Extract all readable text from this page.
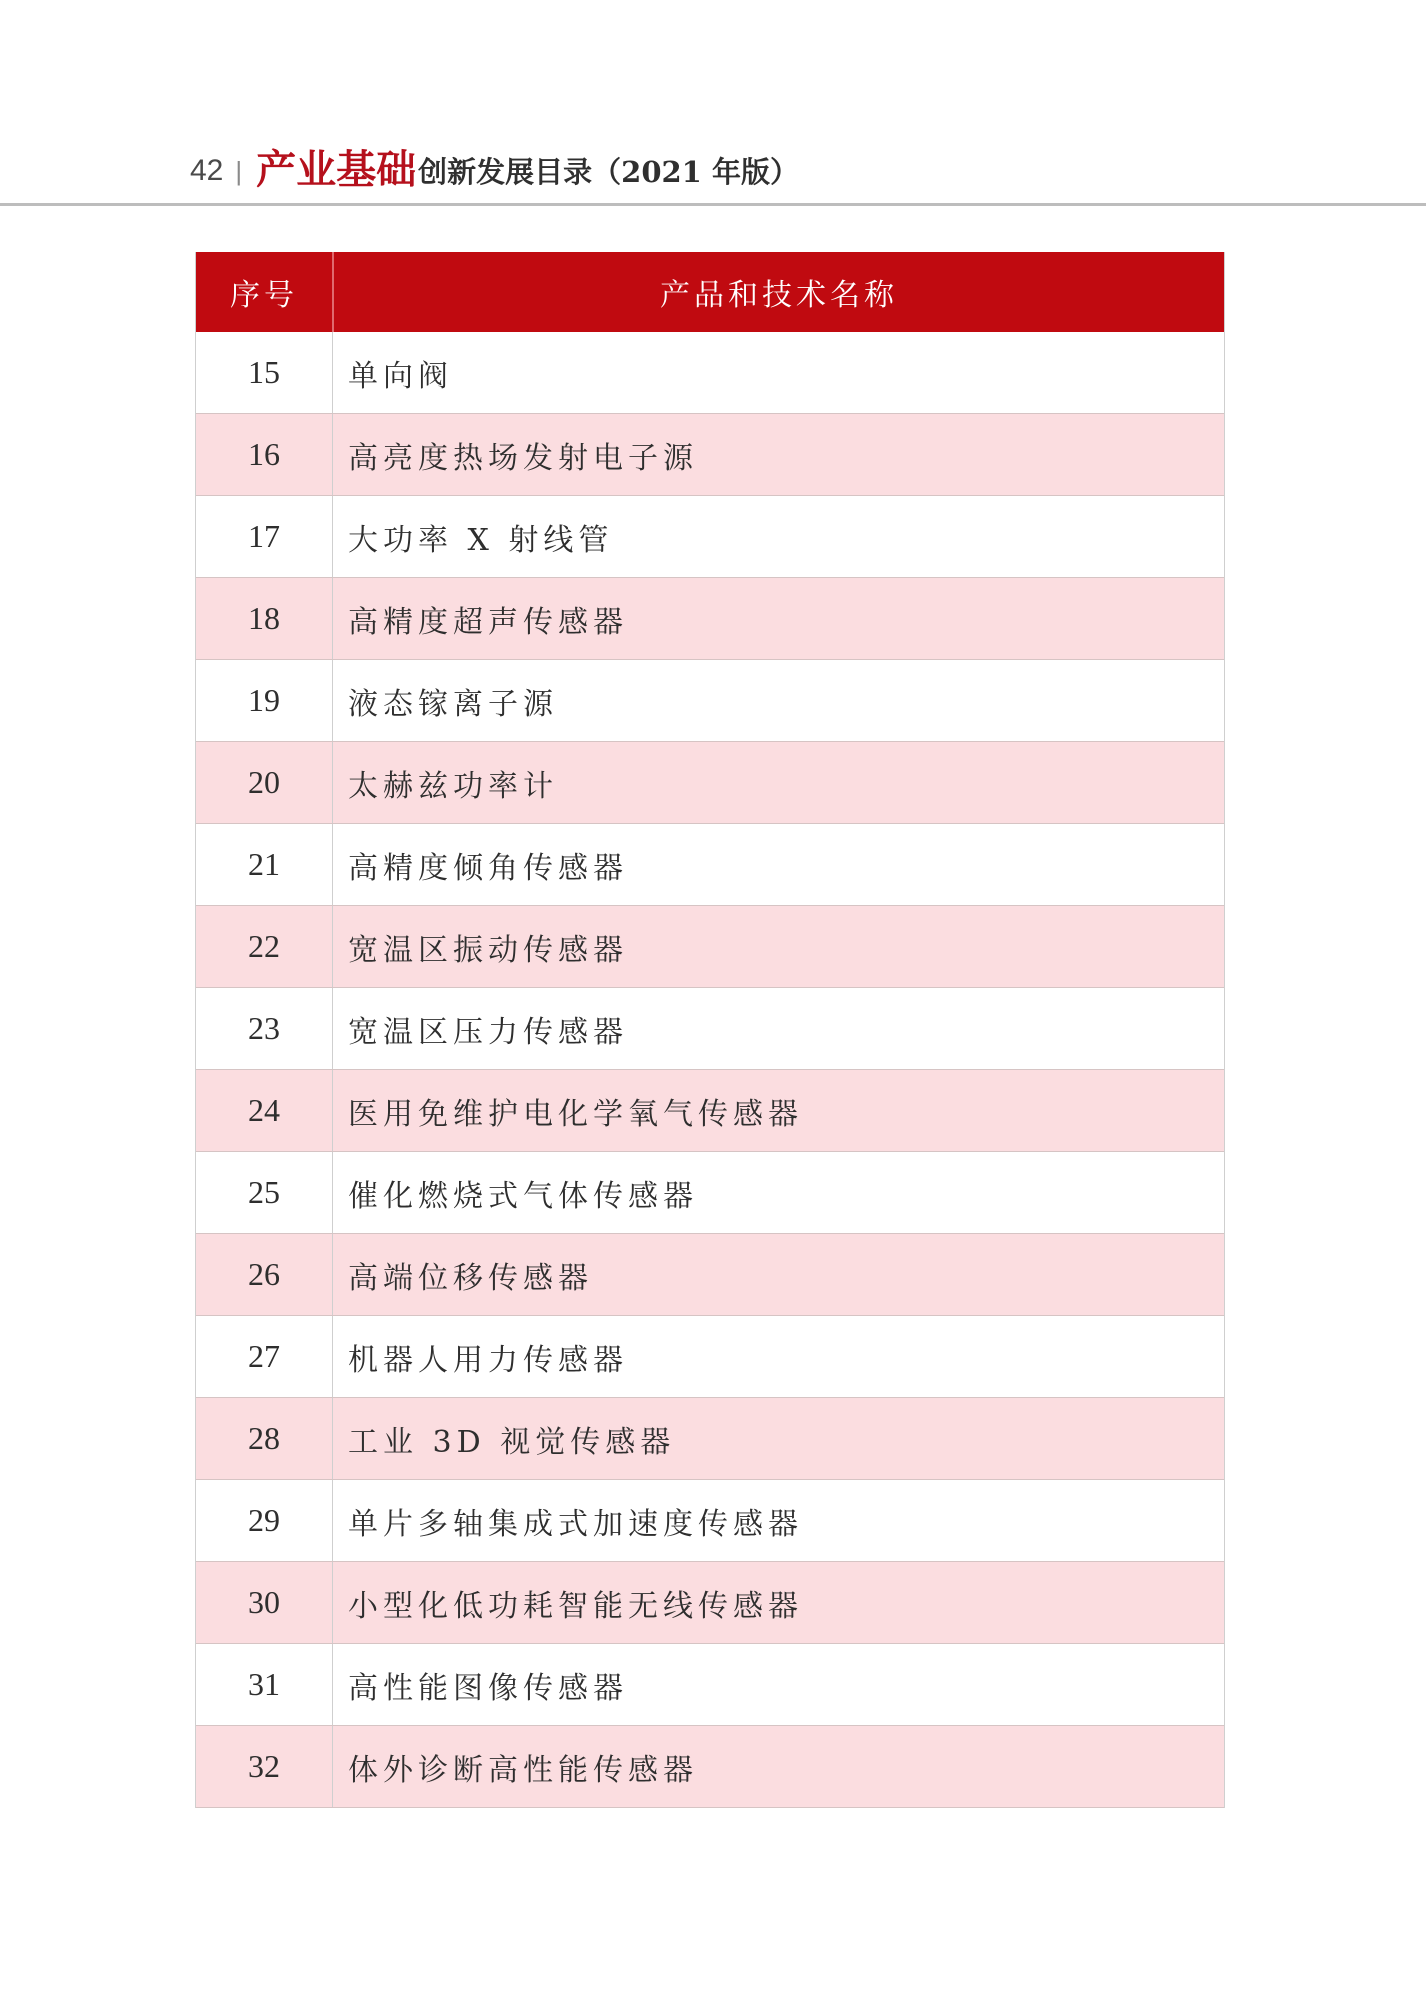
42 | 产业基础 创新发展目录（2021 年版）
序号	产品和技术名称
15	单向阀
16	高亮度热场发射电子源
17	大功率 X 射线管
18	高精度超声传感器
19	液态镓离子源
20	太赫兹功率计
21	高精度倾角传感器
22	宽温区振动传感器
23	宽温区压力传感器
24	医用免维护电化学氧气传感器
25	催化燃烧式气体传感器
26	高端位移传感器
27	机器人用力传感器
28	工业 3D 视觉传感器
29	单片多轴集成式加速度传感器
30	小型化低功耗智能无线传感器
31	高性能图像传感器
32	体外诊断高性能传感器
